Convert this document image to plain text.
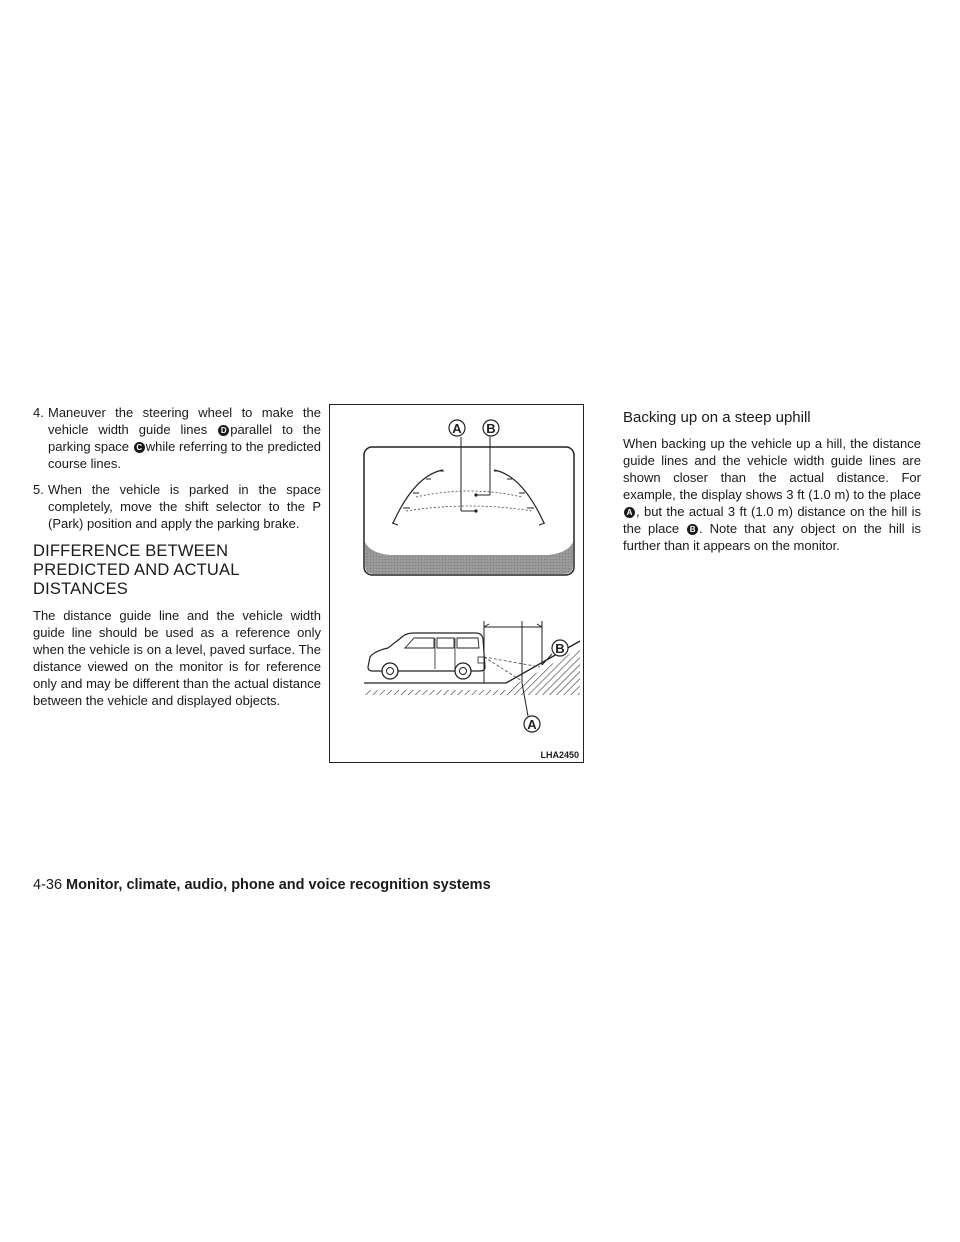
4. Maneuver the steering wheel to make the vehicle width guide lines D parallel to the parking space C while referring to the predicted course lines.
5. When the vehicle is parked in the space completely, move the shift selector to the P (Park) position and apply the parking brake.
DIFFERENCE BETWEEN PREDICTED AND ACTUAL DISTANCES

The distance guide line and the vehicle width guide line should be used as a reference only when the vehicle is on a level, paved surface. The distance viewed on the monitor is for reference only and may be different than the actual distance between the vehicle and displayed objects.

A B
B
A
LHA2450
Backing up on a steep uphill

When backing up the vehicle up a hill, the distance guide lines and the vehicle width guide lines are shown closer than the actual distance. For example, the display shows 3 ft (1.0 m) to the place A , but the actual 3 ft (1.0 m) distance on the hill is the place B . Note that any object on the hill is further than it appears on the monitor.

4-36 Monitor, climate, audio, phone and voice recognition systems
